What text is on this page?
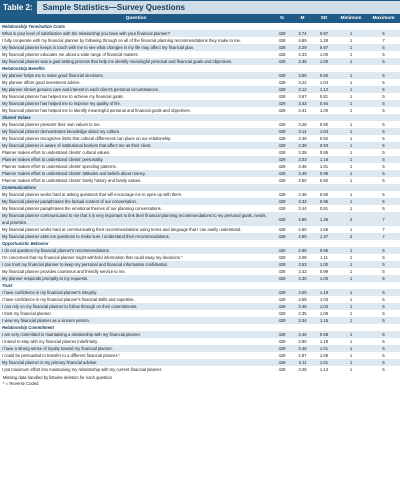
Table 2:	Sample Statistics—Survey Questions
Question	N	M	SD	Minimum	Maximum
Relationship Termination Costs					
What is your level of satisfaction with the relationship you have with your financial planner?	429	3.74	0.97	1	5
I fully cooperate with my financial planner by following through on all of the financial planning recommendations they make to me.	428	4.89	1.28	1	7
My financial planner keeps in touch with me to see what changes in my life may affect my financial plan.	428	3.29	0.97	1	5
My financial planner educates me about a wide range of financial matters.	428	3.33	1.00	1	5
My financial planner was a goal setting process that help me identify meaningful personal and financial goals and objectives.	429	3.35	1.00	1	5
Relationship Benefits					
My planner helps me to make good financial decisions.	429	3.60	0.92	1	5
My planner offers good investment advice.	429	3.22	1.04	1	5
My planner shows genuine care and interest in each client's personal circumstances.	429	3.12	1.12	1	5
My financial planner has helped me to achieve my financial goals.	429	3.67	0.81	1	5
My financial planner has helped me to improve my quality of life.	429	3.43	0.94	1	5
My financial planner has helped me to identify meaningful personal and financial goals and objectives.	429	3.41	1.00	1	5
Shared Values					
My financial planner presents their own values to me.	429	3.28	0.90	1	5
My financial planner demonstrates knowledge about my culture.	429	3.14	1.04	1	5
My financial planner recognizes limits that cultural differences can place on our relationship.	429	3.49	0.92	1	5
My financial planner is aware of institutional barriers that affect me as their client.	429	3.39	0.93	1	5
Planner makes effort to understand clients' cultural values.	429	3.38	0.85	1	5
Planner makes effort to understand clients' personality.	429	3.03	1.16	1	5
Planner makes effort to understand clients' spending patterns.	429	3.45	1.01	1	5
Planner makes effort to understand clients' attitudes and beliefs about money.	429	3.49	0.98	1	5
Planner makes effort to understand clients' family history and family values.	429	3.50	0.92	1	5
Communications					
My financial planner works hard at asking questions that will encourage me to open up with them.	429	3.36	0.90	1	5
My financial planner paraphrases the factual content of our conversation.	429	3.32	0.95	1	5
My financial planner paraphrases the emotional themes of our planning conversations.	429	3.44	0.81	1	5
My financial planner communicated to me that it is very important to link their financial planning recommendations to my personal goals, needs, and priorities.	428	4.60	1.36	2	7
My financial planner works hard at communicating their recommendations using terms and language that I can easily understand.	428	4.50	1.56	1	7
My financial planner asks me questions to make sure I understand their recommendations.	428	4.90	1.37	2	7
Opportunistic Behavior					
I do not question my financial planner's recommendations.	430	2.68	0.85	1	5
I'm concerned that my financial planner might withhold information that could sway my decisions.*	429	3.08	1.11	1	5
I can trust my financial planner to keep my personal and financial information confidential.	429	3.53	1.00	1	5
My financial planner provides courteous and friendly service to me.	428	3.42	0.99	1	5
My planner responds promptly to my requests.	429	3.30	1.00	1	5
Trust					
I have confidence in my financial planner's integrity.	429	3.00	1.19	1	5
I have confidence in my financial planner's financial skills and expertise.	429	3.55	1.03	1	5
I can rely on my financial planner to follow through on their commitments.	429	3.45	1.03	1	5
I trust my financial planner.	429	3.35	1.08	1	5
I view my financial planner as a sincere person.	429	3.34	1.15	1	5
Relationship Commitment					
I am very committed to maintaining a relationship with my financial planner.	429	3.46	0.88	1	5
I intend to stay with my financial planner indefinitely.	429	2.90	1.19	1	5
I have a strong sense of loyalty toward my financial planner.	429	3.46	1.01	1	5
I could be persuaded to transfer to a different financial planner.*	429	2.87	1.08	1	5
My financial planner is my primary financial adviser.	429	3.11	1.01	1	5
I put maximum effort into maintaining my relationship with my current financial planner.	429	3.25	1.14	1	5
Missing data handled by listwise deletion for each question
* = Reverse Coded
